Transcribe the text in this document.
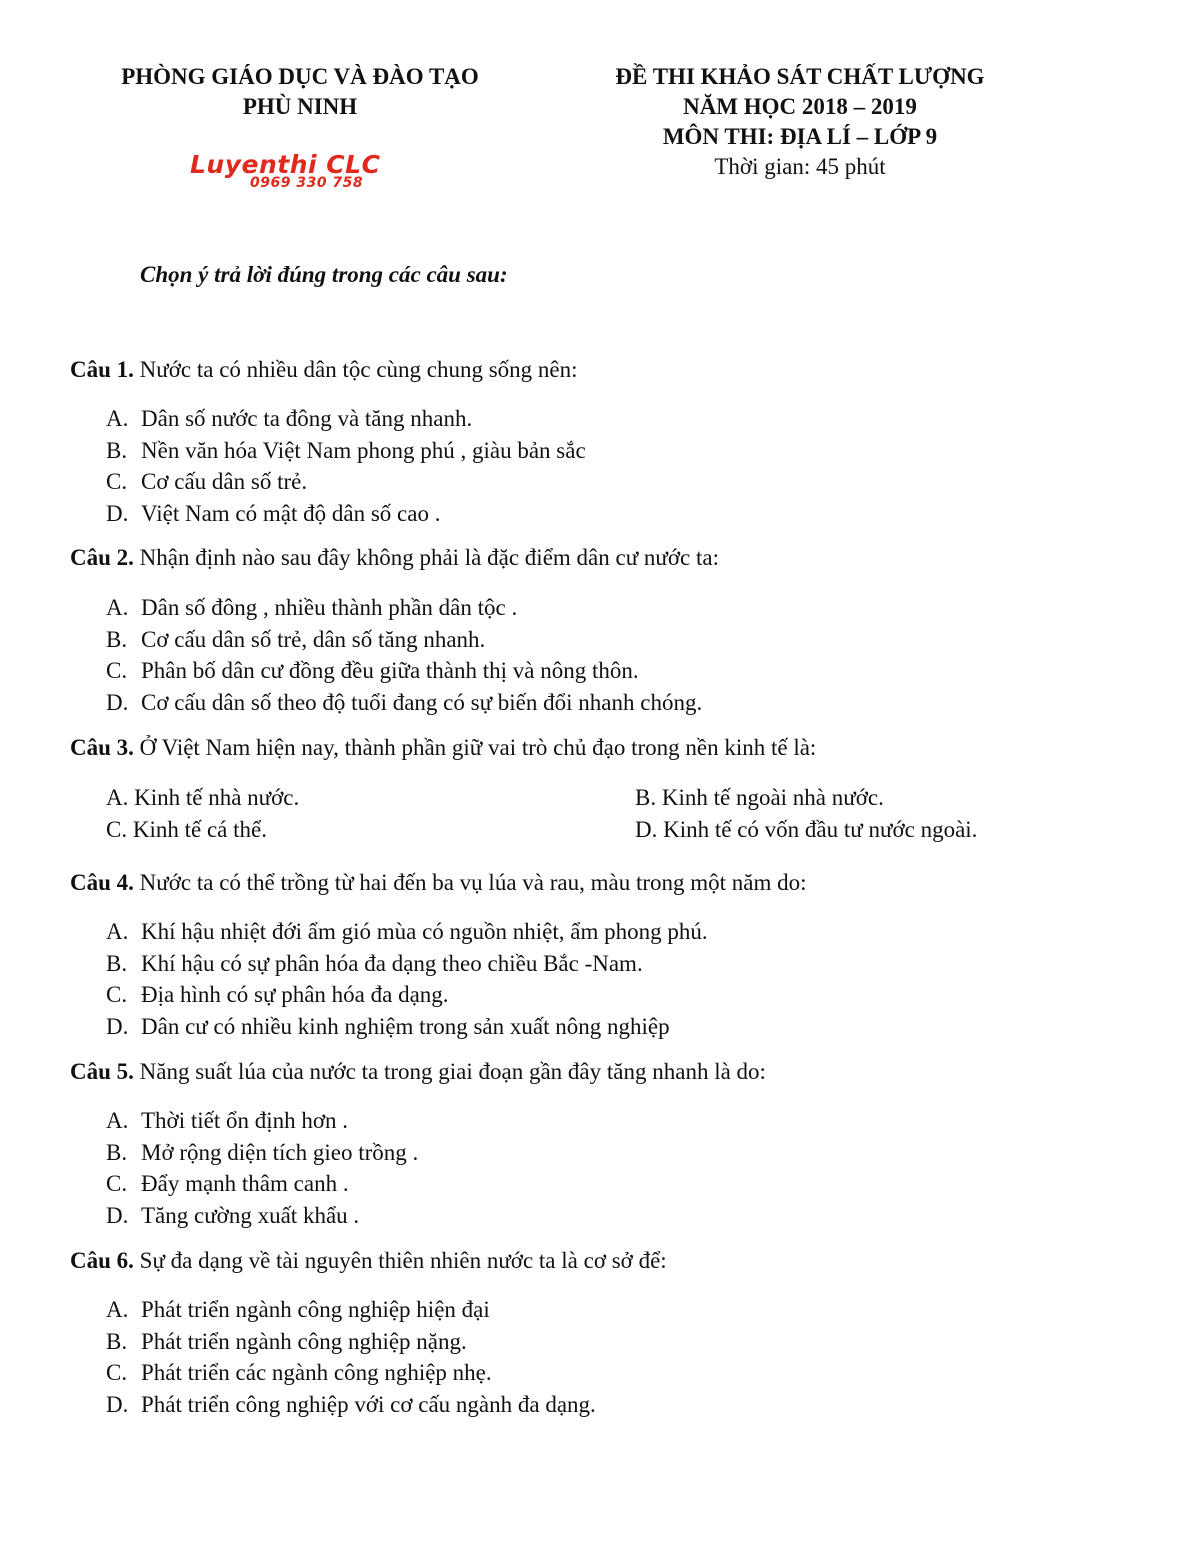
PHÒNG GIÁO DỤC VÀ ĐÀO TẠO
PHÙ NINH
ĐỀ THI KHẢO SÁT CHẤT LƯỢNG
NĂM HỌC 2018 – 2019
MÔN THI: ĐỊA LÍ – LỚP 9
Thời gian: 45 phút
Luyenthi CLC
0969 330 758
Chọn ý trả lời đúng trong các câu sau:
Câu 1. Nước ta có nhiều dân tộc cùng chung sống nên:
A. Dân số nước ta đông và tăng nhanh.
B. Nền văn hóa Việt Nam phong phú , giàu bản sắc
C. Cơ cấu dân số trẻ.
D. Việt Nam có mật độ dân số cao .
Câu 2. Nhận định nào sau đây không phải là đặc điểm dân cư nước ta:
A. Dân số đông , nhiều thành phần dân tộc .
B. Cơ cấu dân số trẻ, dân số tăng nhanh.
C. Phân bố dân cư đồng đều giữa thành thị và nông thôn.
D. Cơ cấu dân số theo độ tuổi đang có sự biến đổi nhanh chóng.
Câu 3. Ở Việt Nam hiện nay, thành phần giữ vai trò chủ đạo trong nền kinh tế là:
A. Kinh tế nhà nước.	B. Kinh tế ngoài nhà nước.
C. Kinh tế cá thể.	D. Kinh tế có vốn đầu tư nước ngoài.
Câu 4. Nước ta có thể trồng từ hai đến ba vụ lúa và rau, màu trong một năm do:
A. Khí hậu nhiệt đới ẩm gió mùa có nguồn nhiệt, ẩm phong phú.
B. Khí hậu có sự phân hóa đa dạng theo chiều Bắc -Nam.
C. Địa hình có sự phân hóa đa dạng.
D. Dân cư có nhiều kinh nghiệm trong sản xuất nông nghiệp
Câu 5. Năng suất lúa của nước ta trong giai đoạn gần đây tăng nhanh là do:
A. Thời tiết ổn định hơn .
B. Mở rộng diện tích gieo trồng .
C. Đẩy mạnh thâm canh .
D. Tăng cường xuất khẩu .
Câu 6. Sự đa dạng về tài nguyên thiên nhiên nước ta là cơ sở để:
A. Phát triển ngành công nghiệp hiện đại
B. Phát triển ngành công nghiệp nặng.
C. Phát triển các ngành công nghiệp nhẹ.
D. Phát triển công nghiệp với cơ cấu ngành đa dạng.
